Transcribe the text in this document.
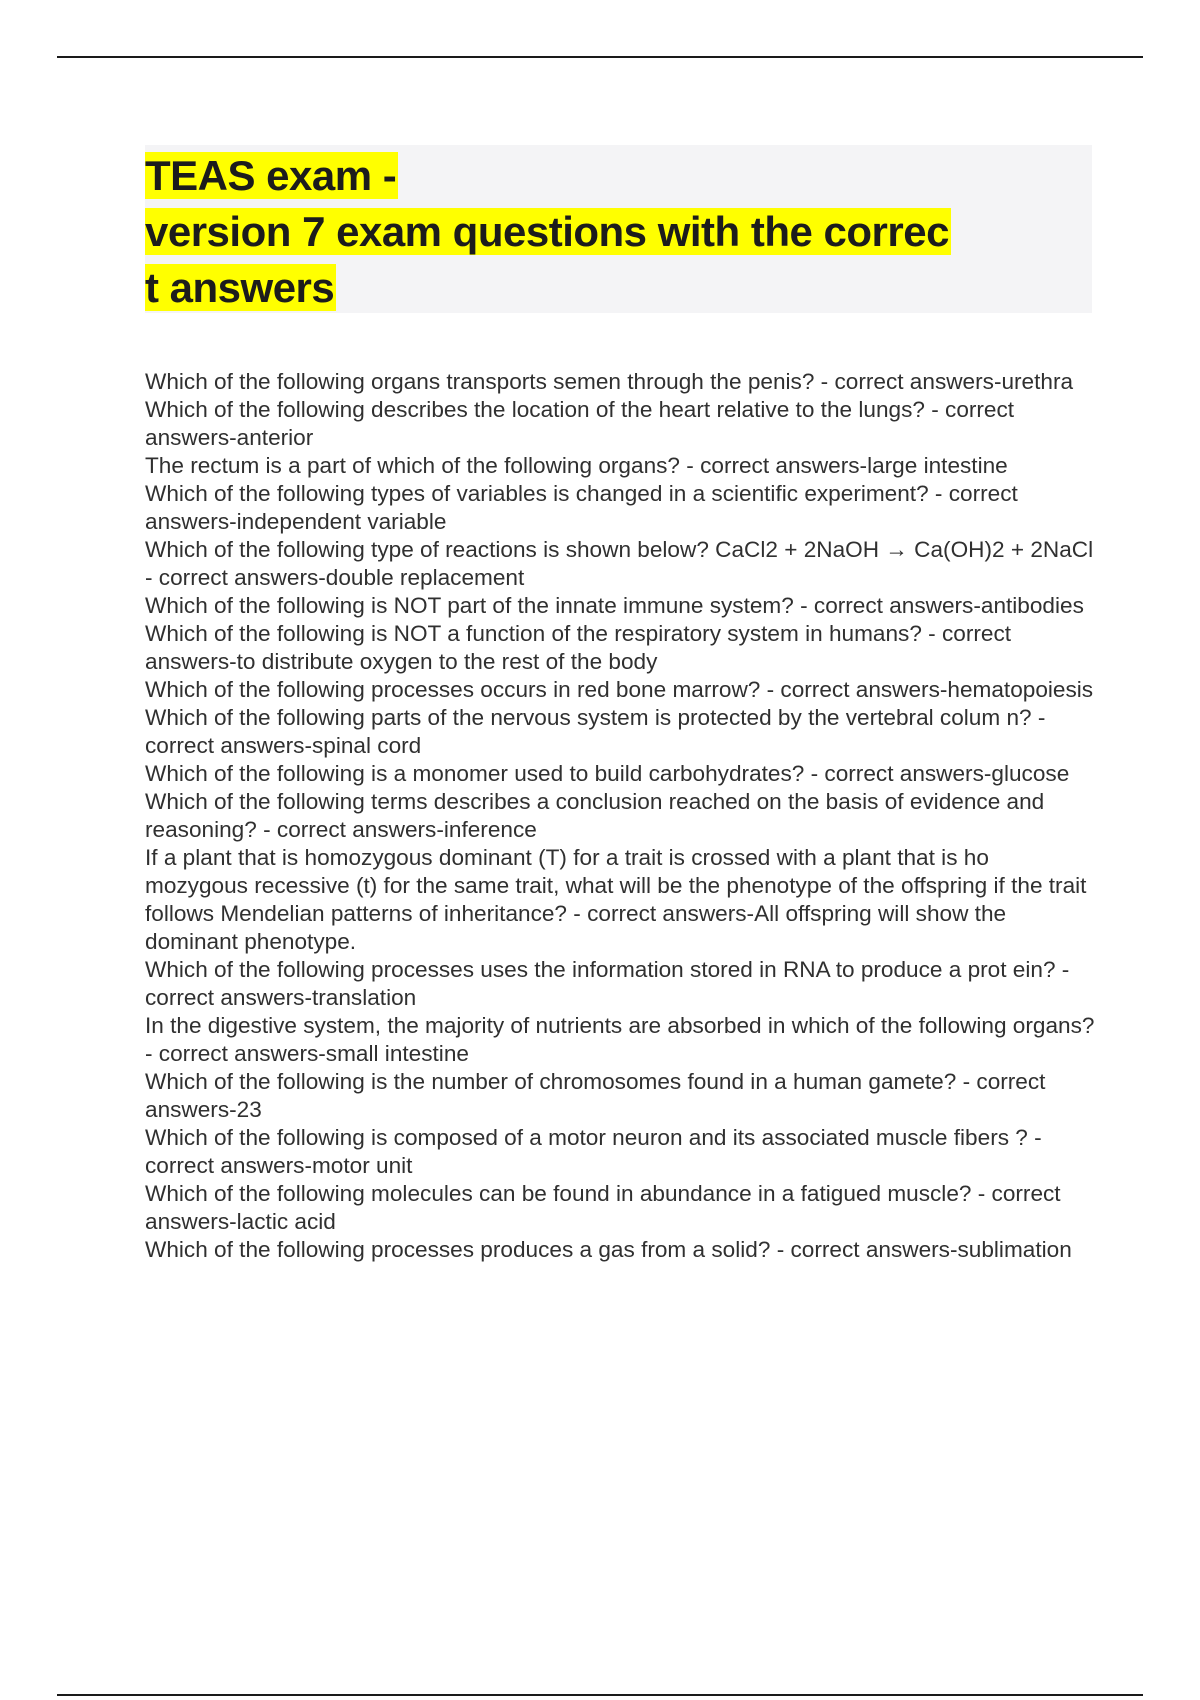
TEAS exam -
version 7 exam questions with the correc
t answers
Which of the following organs transports semen through the penis? - correct answers-urethra
Which of the following describes the location of the heart relative to the lungs? - correct answers-anterior
The rectum is a part of which of the following organs? - correct answers-large intestine
Which of the following types of variables is changed in a scientific experiment? - correct answers-independent variable
Which of the following type of reactions is shown below? CaCl2 + 2NaOH → Ca(OH)2 + 2NaCl - correct answers-double replacement
Which of the following is NOT part of the innate immune system? - correct answers-antibodies
Which of the following is NOT a function of the respiratory system in humans? - correct answers-to distribute oxygen to the rest of the body
Which of the following processes occurs in red bone marrow? - correct answers-hematopoiesis
Which of the following parts of the nervous system is protected by the vertebral colum n? - correct answers-spinal cord
Which of the following is a monomer used to build carbohydrates? - correct answers-glucose
Which of the following terms describes a conclusion reached on the basis of evidence and reasoning? - correct answers-inference
If a plant that is homozygous dominant (T) for a trait is crossed with a plant that is ho mozygous recessive (t) for the same trait, what will be the phenotype of the offspring if the trait follows Mendelian patterns of inheritance? - correct answers-All offspring will show the dominant phenotype.
Which of the following processes uses the information stored in RNA to produce a prot ein? - correct answers-translation
In the digestive system, the majority of nutrients are absorbed in which of the following organs? - correct answers-small intestine
Which of the following is the number of chromosomes found in a human gamete? - correct answers-23
Which of the following is composed of a motor neuron and its associated muscle fibers ? - correct answers-motor unit
Which of the following molecules can be found in abundance in a fatigued muscle? - correct answers-lactic acid
Which of the following processes produces a gas from a solid? - correct answers-sublimation
